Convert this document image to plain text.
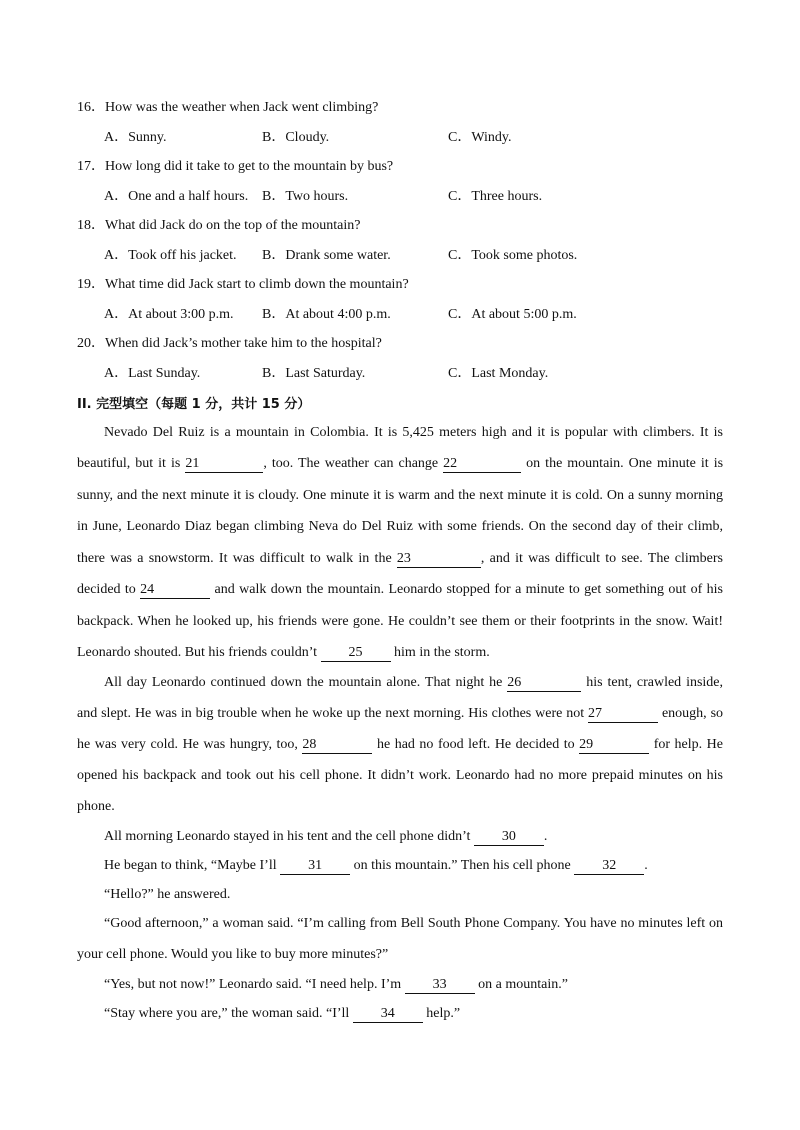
16．How was the weather when Jack went climbing?
A．Sunny.	B．Cloudy.	C．Windy.
17．How long did it take to get to the mountain by bus?
A．One and a half hours. B．Two hours.	C．Three hours.
18．What did Jack do on the top of the mountain?
A．Took off his jacket. B．Drank some water.	C．Took some photos.
19．What time did Jack start to climb down the mountain?
A．At about 3:00 p.m. B．At about 4:00 p.m.	C．At about 5:00 p.m.
20．When did Jack’s mother take him to the hospital?
A．Last Sunday.	B．Last Saturday.	C．Last Monday.
II. 完型填空（每题 1 分，共计 15 分）
Nevado Del Ruiz is a mountain in Colombia. It is 5,425 meters high and it is popular with climbers. It is
beautiful, but it is 21	, too. The weather can change 22	on the mountain. One minute it is
sunny, and the next minute it is cloudy. One minute it is warm and the next minute it is cold. On a sunny morning
in June, Leonardo Diaz began climbing Neva do Del Ruiz with some friends. On the second day of their climb,
there was a snowstorm. It was difficult to walk in the 23	, and it was difficult to see. The climbers
decided to 24	and walk down the mountain. Leonardo stopped for a minute to get something out of his
backpack. When he looked up, his friends were gone. He couldn’t see them or their footprints in the snow. Wait!
Leonardo shouted. But his friends couldn’t 25 him in the storm.
All day Leonardo continued down the mountain alone. That night he 26	his tent, crawled inside,
and slept. He was in big trouble when he woke up the next morning. His clothes were not 27	enough, so
he was very cold. He was hungry, too, 28	he had no food left. He decided to 29	for help. He
opened his backpack and took out his cell phone. It didn’t work. Leonardo had no more prepaid minutes on his
phone.
All morning Leonardo stayed in his tent and the cell phone didn’t 30 .
He began to think, “Maybe I’ll 31 on this mountain.” Then his cell phone 32 .
“Hello?” he answered.
“Good afternoon,” a woman said. “I’m calling from Bell South Phone Company. You have no minutes left on
your cell phone. Would you like to buy more minutes?”
“Yes, but not now!” Leonardo said. “I need help. I’m 33 on a mountain.”
“Stay where you are,” the woman said. “I’ll 34 help.”
